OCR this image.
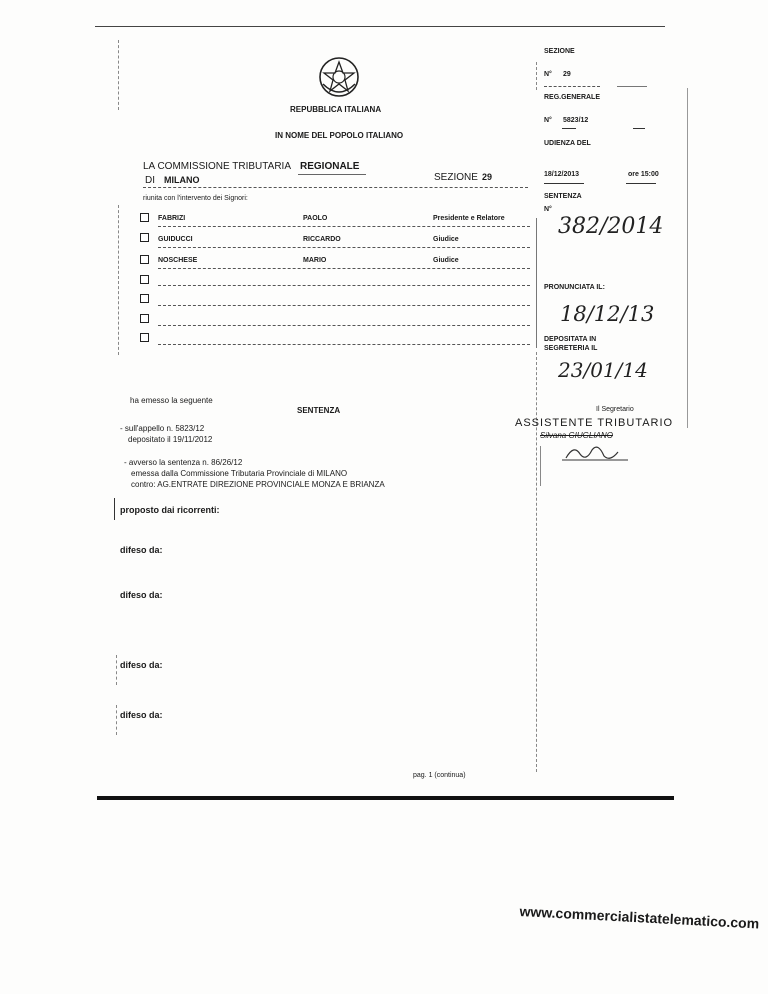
REPUBBLICA ITALIANA
IN NOME DEL POPOLO ITALIANO
SEZIONE
N° 29
REG.GENERALE
N° 5823/12
UDIENZA DEL
18/12/2013	ore 15:00
SENTENZA
N°
382/2014
PRONUNCIATA IL:
18/12/13
DEPOSITATA IN
SEGRETERIA IL
23/01/14
Il Segretario
ASSISTENTE TRIBUTARIO
Silvana GIUGLIANO
LA COMMISSIONE TRIBUTARIA REGIONALE
DI MILANO	SEZIONE 29
riunita con l'intervento dei Signori:
FABRIZI	PAOLO	Presidente e Relatore
GUIDUCCI	RICCARDO	Giudice
NOSCHESE	MARIO	Giudice
ha emesso la seguente
SENTENZA
- sull'appello n. 5823/12
depositato il 19/11/2012
- avverso la sentenza n. 86/26/12
emessa dalla Commissione Tributaria Provinciale di MILANO
contro: AG.ENTRATE DIREZIONE PROVINCIALE MONZA E BRIANZA
proposto dai ricorrenti:
difeso da:
difeso da:
difeso da:
difeso da:
pag. 1 (continua)
www.commercialistatelematico.com
